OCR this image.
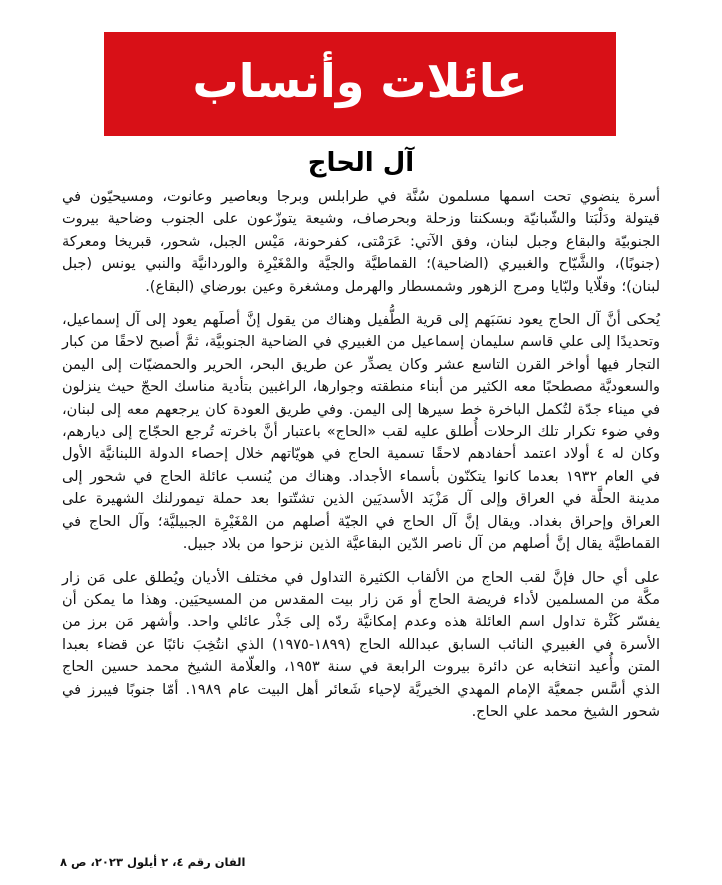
عائلات وأنساب
آل الحاج

أسرة ينضوي تحت اسمها مسلمون سُنَّة في طرابلس وبرجا وبعاصير وعانوت، ومسيحيّون في قيتولة ودَلْبَتا والشّبانيّة وبسكنتا وزحلة وبحرصاف، وشيعة يتوزّعون على الجنوب وضاحية بيروت الجنوبيّة والبقاع وجبل لبنان، وفق الآتي: عَرَمْتى، كفرحونة، مَيْس الجبل، شحور، قبريخا ومعركة (جنوبًا)، والشَّيّاح والغبيري (الضاحية)؛ القماطيَّة والجيَّة والمْغَيْرِة والوردانيَّة والنبي يونس (جبل لبنان)؛ وقلّايا ولبّايا ومرج الزهور وشمسطار والهرمل ومشغرة وعين بورضاي (البقاع).

يُحكى أنَّ آل الحاج يعود نسَبَهم إلى قرية الطُّفيل وهناك من يقول إنَّ أصلَهم يعود إلى آل إسماعيل، وتحديدًا إلى علي قاسم سليمان إسماعيل من الغبيري في الضاحية الجنوبيَّة، ثمَّ أصبح لاحقًا من كبار التجار فيها أواخر القرن التاسع عشر وكان يصدِّر عن طريق البحر، الحرير والحمضيّات إلى اليمن والسعوديَّة مصطحبًا معه الكثير من أبناء منطقته وجوارها، الراغبين بتأدية مناسك الحجّ حيث ينزلون في ميناء جدّة لتُكمل الباخرة خط سيرها إلى اليمن. وفي طريق العودة كان يرجعهم معه إلى لبنان، وفي ضوء تكرار تلك الرحلات أُطلق عليه لقب «الحاج» باعتبار أنَّ باخرته تُرجع الحجّاج إلى ديارهم، وكان له ٤ أولاد اعتمد أحفادهم لاحقًا تسمية الحاج في هويّاتهم خلال إحصاء الدولة اللبنانيَّة الأول في العام ١٩٣٢ بعدما كانوا يتكنّون بأسماء الأجداد. وهناك من يُنسب عائلة الحاج في شحور إلى مدينة الحلَّة في العراق وإلى آل مَزْيَد الأسديَين الذين تشتّتوا بعد حملة تيمورلنك الشهيرة على العراق وإحراق بغداد. ويقال إنَّ آل الحاج في الجيّة أصلهم من المْغَيْرِة الجبيليَّة؛ وآل الحاج في القماطيَّة يقال إنَّ أصلهم من آل ناصر الدّين البقاعيَّة الذين نزحوا من بلاد جبيل.

على أي حال فإنَّ لقب الحاج من الألقاب الكثيرة التداول في مختلف الأديان ويُطلق على مَن زار مكَّة من المسلمين لأداء فريضة الحاج أو مَن زار بيت المقدس من المسيحيَين. وهذا ما يمكن أن يفسّر كَثْرة تداول اسم العائلة هذه وعدم إمكانيَّة ردّه إلى جَذْر عائلي واحد. وأشهر مَن برز من الأسرة في الغبيري النائب السابق عبدالله الحاج (١٨٩٩-١٩٧٥) الذي انتُخِبَ نائبًا عن قضاء بعبدا المتن وأُعيد انتخابه عن دائرة بيروت الرابعة في سنة ١٩٥٣، والعلّامة الشيخ محمد حسين الحاج الذي أسَّس جمعيَّة الإمام المهدي الخيريَّة لإحياء شَعائر أهل البيت عام ١٩٨٩. أمّا جنوبًا فيبرز في شحور الشيخ محمد علي الحاج.

الفان رقم ٤، ٢ أيلول ٢٠٢٣، ص ٨
